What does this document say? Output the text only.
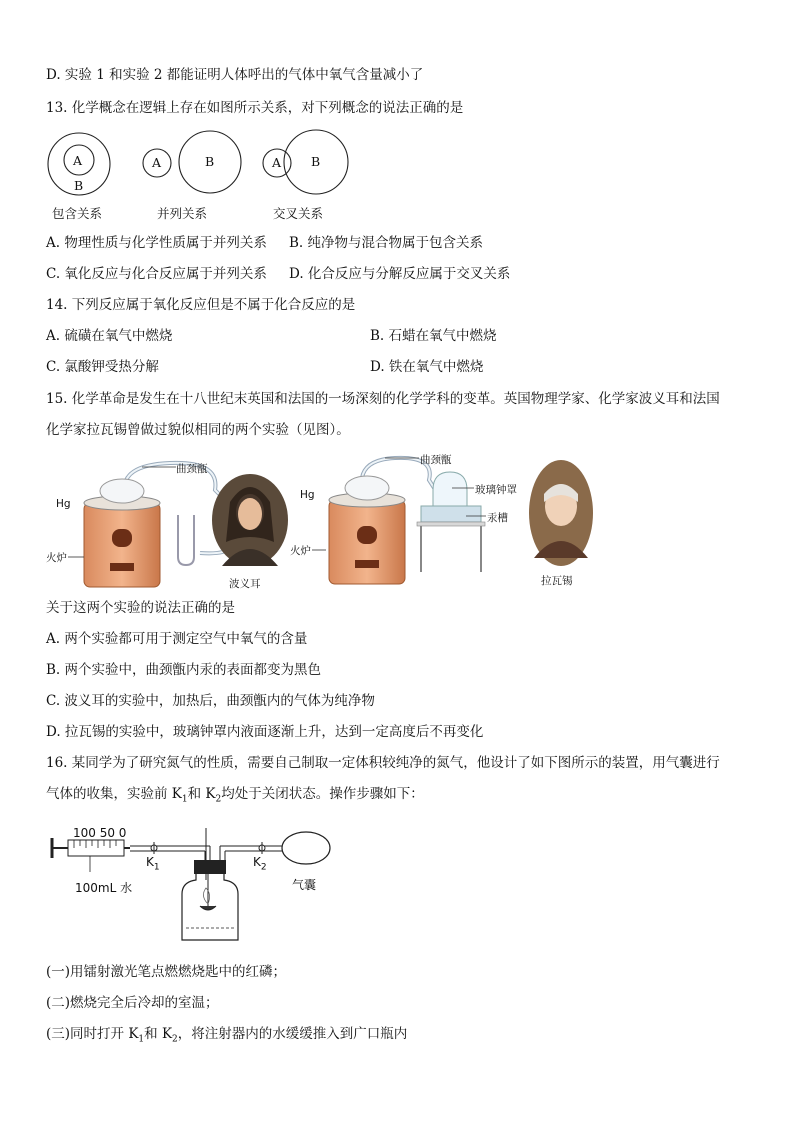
D. 实验 1 和实验 2 都能证明人体呼出的气体中氧气含量减小了
13. 化学概念在逻辑上存在如图所示关系，对下列概念的说法正确的是
A
B
A	B	A B
包含关系	并列关系	交叉关系
A. 物理性质与化学性质属于并列关系 B. 纯净物与混合物属于包含关系
C. 氧化反应与化合反应属于并列关系 D. 化合反应与分解反应属于交叉关系
14. 下列反应属于氧化反应但是不属于化合反应的是
A. 硫磺在氧气中燃烧	B. 石蜡在氧气中燃烧
C. 氯酸钾受热分解	D. 铁在氧气中燃烧
15. 化学革命是发生在十八世纪末英国和法国的一场深刻的化学学科的变革。英国物理学家、化学家波义耳和法国
化学家拉瓦锡曾做过貌似相同的两个实验（见图）。
Hg
曲颈甑
火炉
波义耳
Hg
曲颈甑
玻璃钟罩
汞槽
火炉
拉瓦锡
关于这两个实验的说法正确的是
A. 两个实验都可用于测定空气中氧气的含量
B. 两个实验中，曲颈甑内汞的表面都变为黑色
C. 波义耳的实验中，加热后，曲颈甑内的气体为纯净物
D. 拉瓦锡的实验中，玻璃钟罩内液面逐渐上升，达到一定高度后不再变化
16. 某同学为了研究氮气的性质，需要自己制取一定体积较纯净的氮气，他设计了如下图所示的装置，用气囊进行
气体的收集，实验前 $K_1$和 $K_2$均处于关闭状态。操作步骤如下：
100 50 0
$K_1$	$K_2$
100mL 水	气囊
(一)用镭射激光笔点燃燃烧匙中的红磷；
(二)燃烧完全后冷却的室温；
(三)同时打开 $K_1$和 $K_2$，将注射器内的水缓缓推入到广口瓶内
